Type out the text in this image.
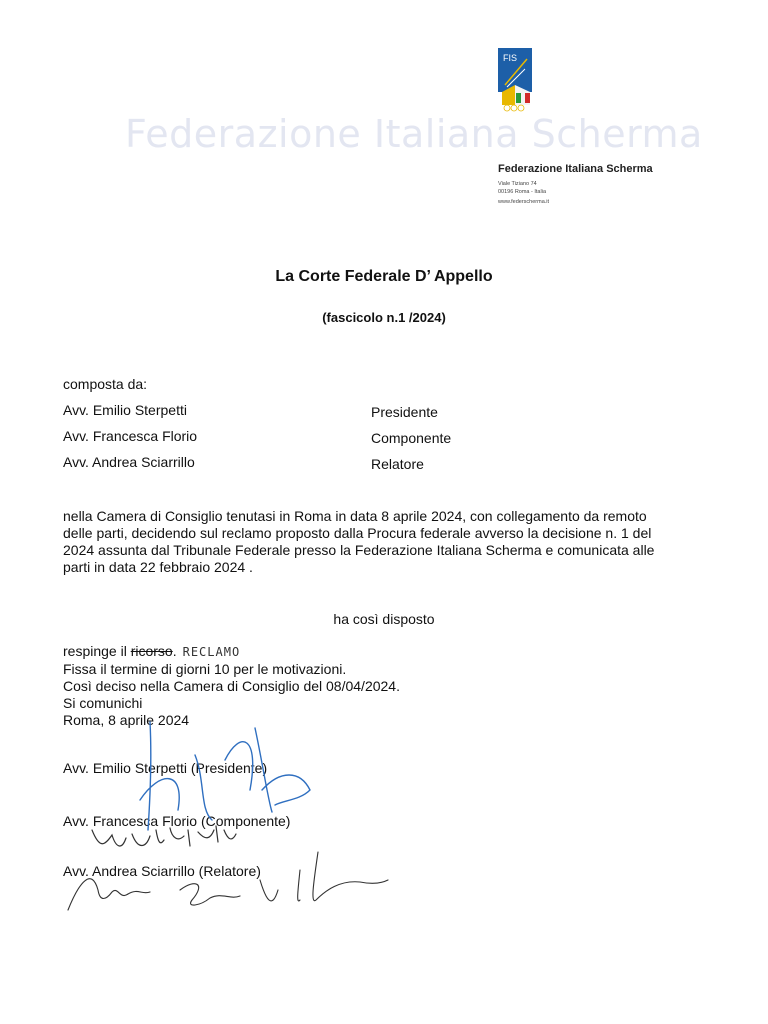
Federazione Italiana Scherma
FIS
Federazione Italiana Scherma
Viale Tiziano 74
00196 Roma - Italia
www.federscherma.it
La Corte Federale D’ Appello
(fascicolo n.1 /2024)
composta da:
Avv. Emilio Sterpetti	Presidente
Avv. Francesca Florio	Componente
Avv. Andrea Sciarrillo	Relatore
nella Camera di Consiglio tenutasi in Roma in data 8 aprile 2024, con collegamento da remoto
delle parti, decidendo sul reclamo proposto dalla Procura federale avverso la decisione n. 1 del
2024 assunta dal Tribunale Federale presso la Federazione Italiana Scherma e comunicata alle
parti in data 22 febbraio 2024 .
ha così disposto
respinge il ricorso. RECLAMO
Fissa il termine di giorni 10 per le motivazioni.
Così deciso nella Camera di Consiglio del 08/04/2024.
Si comunichi
Roma, 8 aprile 2024
Avv. Emilio Sterpetti (Presidente)
Avv. Francesca Florio (Componente)
Avv. Andrea Sciarrillo (Relatore)
